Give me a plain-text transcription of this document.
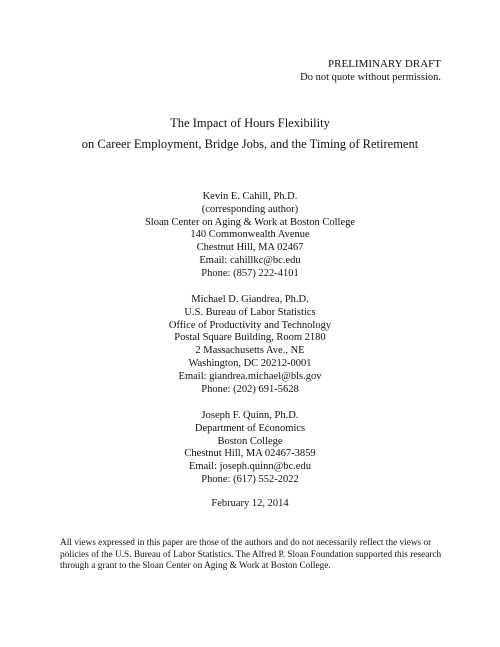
PRELIMINARY DRAFT
Do not quote without permission.
The Impact of Hours Flexibility
on Career Employment, Bridge Jobs, and the Timing of Retirement
Kevin E. Cahill, Ph.D.
(corresponding author)
Sloan Center on Aging & Work at Boston College
140 Commonwealth Avenue
Chestnut Hill, MA 02467
Email: cahillkc@bc.edu
Phone: (857) 222-4101
Michael D. Giandrea, Ph.D.
U.S. Bureau of Labor Statistics
Office of Productivity and Technology
Postal Square Building, Room 2180
2 Massachusetts Ave., NE
Washington, DC 20212-0001
Email: giandrea.michael@bls.gov
Phone: (202) 691-5628
Joseph F. Quinn, Ph.D.
Department of Economics
Boston College
Chestnut Hill, MA 02467-3859
Email: joseph.quinn@bc.edu
Phone: (617) 552-2022
February 12, 2014
All views expressed in this paper are those of the authors and do not necessarily reflect the views or
policies of the U.S. Bureau of Labor Statistics. The Alfred P. Sloan Foundation supported this research
through a grant to the Sloan Center on Aging & Work at Boston College.
